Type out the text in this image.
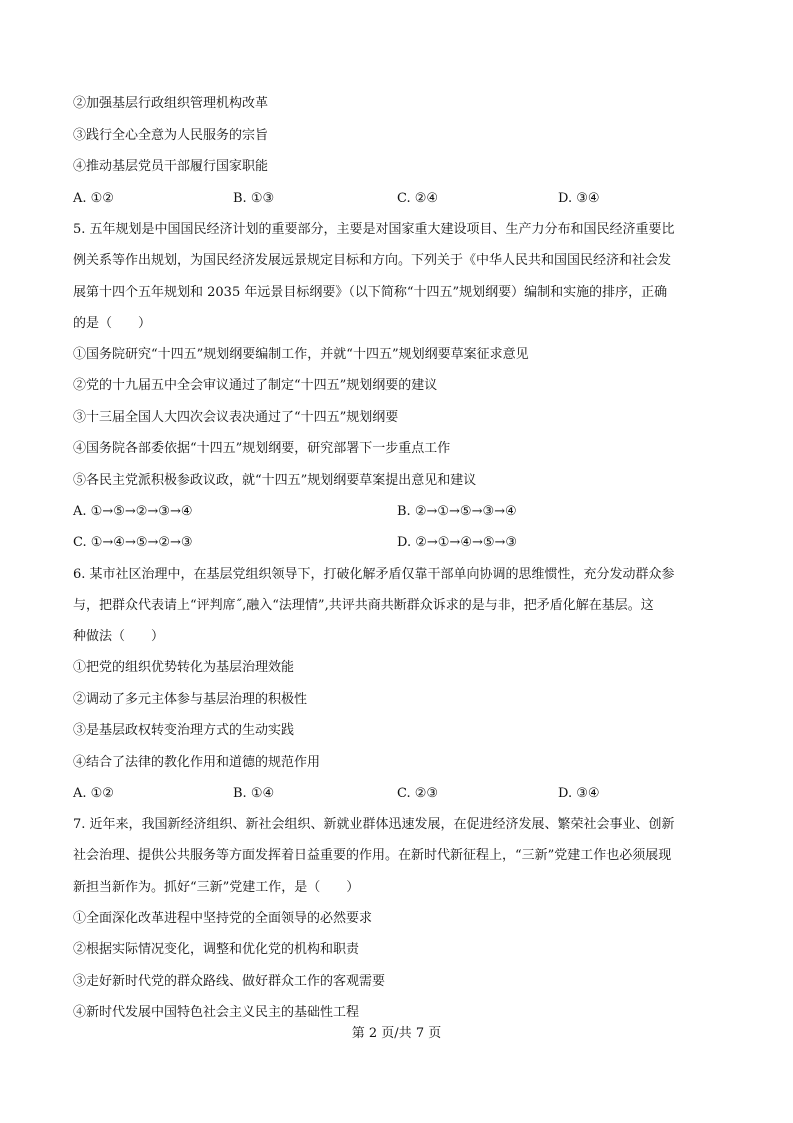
②加强基层行政组织管理机构改革
③践行全心全意为人民服务的宗旨
④推动基层党员干部履行国家职能
A. ①②	B. ①③	C. ②④	D. ③④
5. 五年规划是中国国民经济计划的重要部分，主要是对国家重大建设项目、生产力分布和国民经济重要比
例关系等作出规划，为国民经济发展远景规定目标和方向。下列关于《中华人民共和国国民经济和社会发
展第十四个五年规划和 2035 年远景目标纲要》（以下简称“十四五”规划纲要）编制和实施的排序，正确
的是（　　）
①国务院研究“十四五”规划纲要编制工作，并就“十四五”规划纲要草案征求意见
②党的十九届五中全会审议通过了制定“十四五”规划纲要的建议
③十三届全国人大四次会议表决通过了“十四五”规划纲要
④国务院各部委依据“十四五”规划纲要，研究部署下一步重点工作
⑤各民主党派积极参政议政，就“十四五”规划纲要草案提出意见和建议
A. ①→⑤→②→③→④	B. ②→①→⑤→③→④
C. ①→④→⑤→②→③	D. ②→①→④→⑤→③
6. 某市社区治理中，在基层党组织领导下，打破化解矛盾仅靠干部单向协调的思维惯性，充分发动群众参
与，把群众代表请上“评判席˝,融入“法理情”,共评共商共断群众诉求的是与非，把矛盾化解在基层。这
种做法（　　）
①把党的组织优势转化为基层治理效能
②调动了多元主体参与基层治理的积极性
③是基层政权转变治理方式的生动实践
④结合了法律的教化作用和道德的规范作用
A. ①②	B. ①④	C. ②③	D. ③④
7. 近年来，我国新经济组织、新社会组织、新就业群体迅速发展，在促进经济发展、繁荣社会事业、创新
社会治理、提供公共服务等方面发挥着日益重要的作用。在新时代新征程上，“三新”党建工作也必须展现
新担当新作为。抓好“三新”党建工作，是（　　）
①全面深化改革进程中坚持党的全面领导的必然要求
②根据实际情况变化，调整和优化党的机构和职责
③走好新时代党的群众路线、做好群众工作的客观需要
④新时代发展中国特色社会主义民主的基础性工程
第 2 页/共 7 页
